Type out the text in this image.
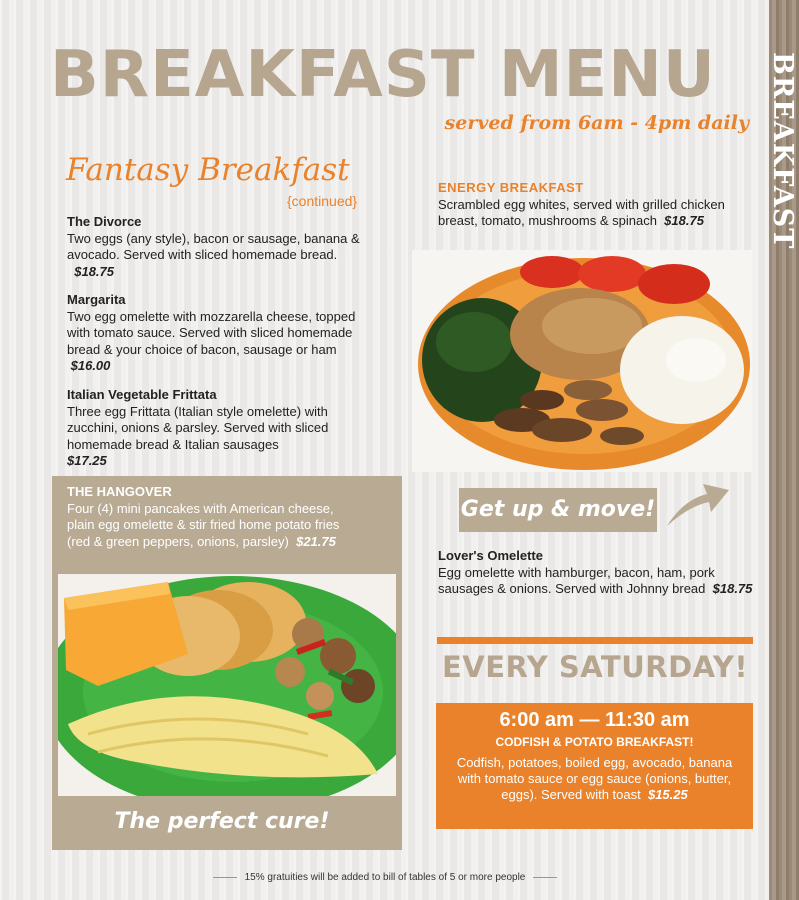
BREAKFAST
BREAKFAST MENU
served from 6am - 4pm daily
Fantasy Breakfast
{continued}
The Divorce
Two eggs (any style), bacon or sausage, banana & avocado. Served with sliced homemade bread.   $18.75
Margarita
Two egg omelette with mozzarella cheese, topped with tomato sauce. Served with sliced homemade bread & your choice of bacon, sausage or ham  $16.00
Italian Vegetable Frittata
Three egg Frittata (Italian style omelette) with zucchini, onions & parsley. Served with sliced homemade bread & Italian sausages
$17.25
THE HANGOVER
Four (4) mini pancakes with American cheese, plain egg omelette & stir fried home potato fries (red & green peppers, onions, parsley) $21.75
The perfect cure!
ENERGY BREAKFAST
Scrambled egg whites, served with grilled chicken breast, tomato, mushrooms & spinach $18.75
Get up & move!
Lover's Omelette
Egg omelette with hamburger, bacon, ham, pork sausages & onions. Served with Johnny bread $18.75
EVERY SATURDAY!
6:00 am — 11:30 am
CODFISH & POTATO BREAKFAST!
Codfish, potatoes, boiled egg, avocado, banana with tomato sauce or egg sauce (onions, butter, eggs). Served with toast $15.25
15% gratuities will be added to bill of tables of 5 or more people
